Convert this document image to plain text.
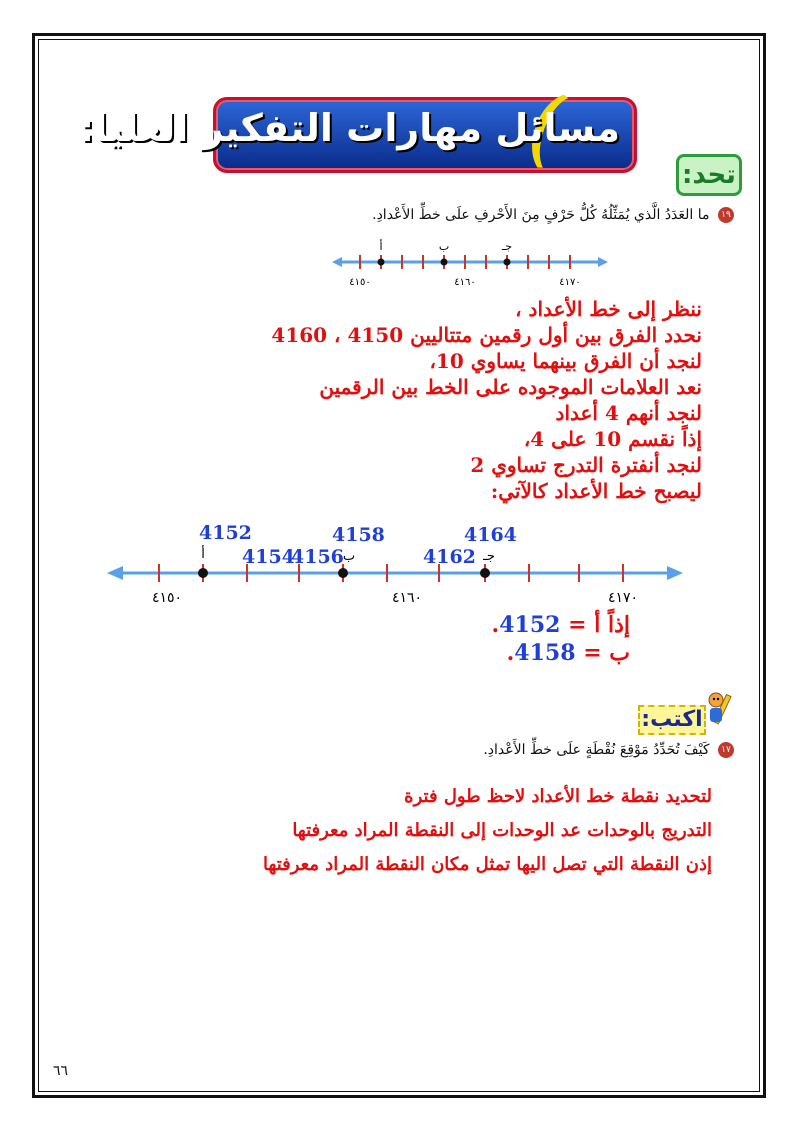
مسائل مهارات التفكير العليا:
تحد:
١٩ ما العَدَدُ الَّذي يُمَثِّلُهُ كُلُّ حَرْفٍ مِنَ الأَحْرفِ علَى خطِّ الأَعْدادِ.
أ	ب	جـ
٤١٥٠	٤١٦٠	٤١٧٠
ننظر إلى خط الأعداد ،
نحدد الفرق بين أول رقمين متتاليين 4150 ، 4160
لنجد أن الفرق بينهما يساوي 10،
نعد العلامات الموجوده على الخط بين الرقمين
لنجد أنهم 4 أعداد
إذاً نقسم 10 على 4،
لنجد أنفترة التدرج تساوي 2
ليصبح خط الأعداد كالآتي:
4152
4154
4156
4158
4162
4164
أ	ب	جـ
٤١٥٠	٤١٦٠	٤١٧٠
إذاً أ = 4152.
ب = 4158.
اكتب:
١٧ كَيْفَ تُحَدِّدُ مَوْقِعَ نُقْطَةٍ علَى خطِّ الأَعْدادِ.
لتحديد نقطة خط الأعداد لاحظ طول فترة
التدريج بالوحدات عد الوحدات إلى النقطة المراد معرفتها
إذن النقطة التي تصل اليها تمثل مكان النقطة المراد معرفتها
٦٦
